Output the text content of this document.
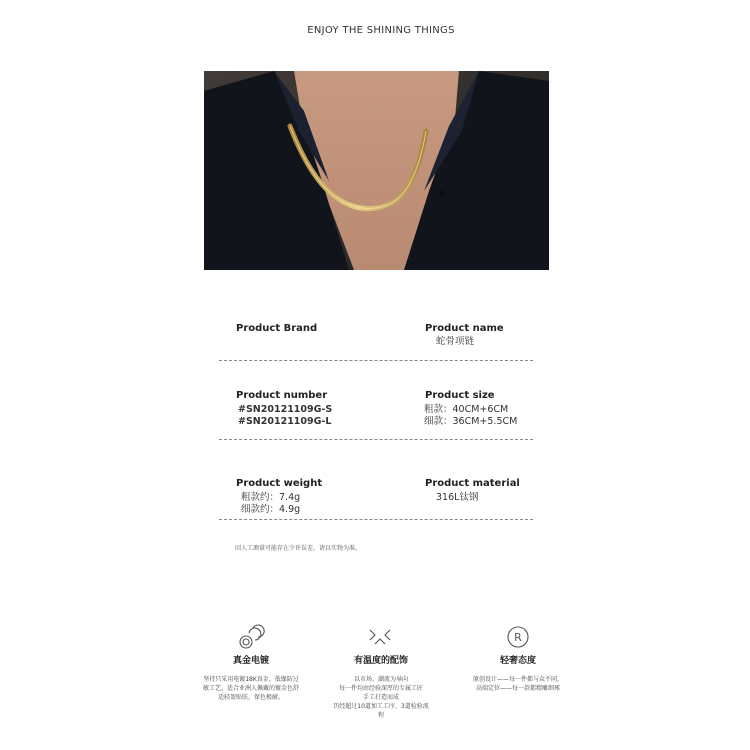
ENJOY THE SHINING THINGS
Product Brand	Product name
蛇骨项链
Product number
#SN20121109G-S
#SN20121109G-L
Product size
粗款：40CM+6CM
细款：36CM+5.5CM
Product weight
粗款约：7.4g
细款约：4.9g
Product material
316L钛钢
因人工测量可能存在少许误差，请以实物为准。
真金电镀
坚持只采用电镀18K真金、低镍防过
敏工艺，适合亚洲人佩戴的镀金色舒
适轻盈贴肤，保色极耐。
有温度的配饰
以市场、潮流为导向
每一件均由经验深厚的专属工匠
手工打造而成
历经超过10道加工工序、3道检验流
程
R
轻奢态度
原创设计——每一件都与众不同，
高端定位——每一款都精雕细琢
